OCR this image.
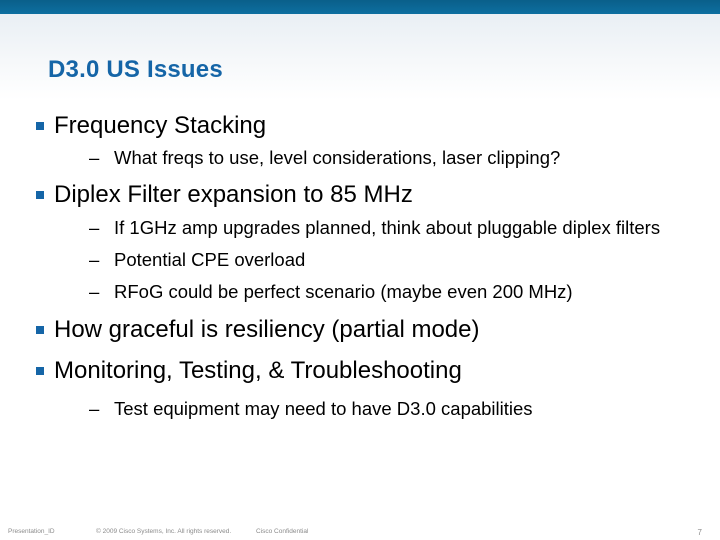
D3.0 US Issues
Frequency Stacking
– What freqs to use, level considerations, laser clipping?
Diplex Filter expansion to 85 MHz
– If 1GHz amp upgrades planned, think about pluggable diplex filters
– Potential CPE overload
– RFoG could be perfect scenario (maybe even 200 MHz)
How graceful is resiliency (partial mode)
Monitoring, Testing, & Troubleshooting
– Test equipment may need to have D3.0 capabilities
Presentation_ID	© 2009 Cisco Systems, Inc. All rights reserved.	Cisco Confidential	7
